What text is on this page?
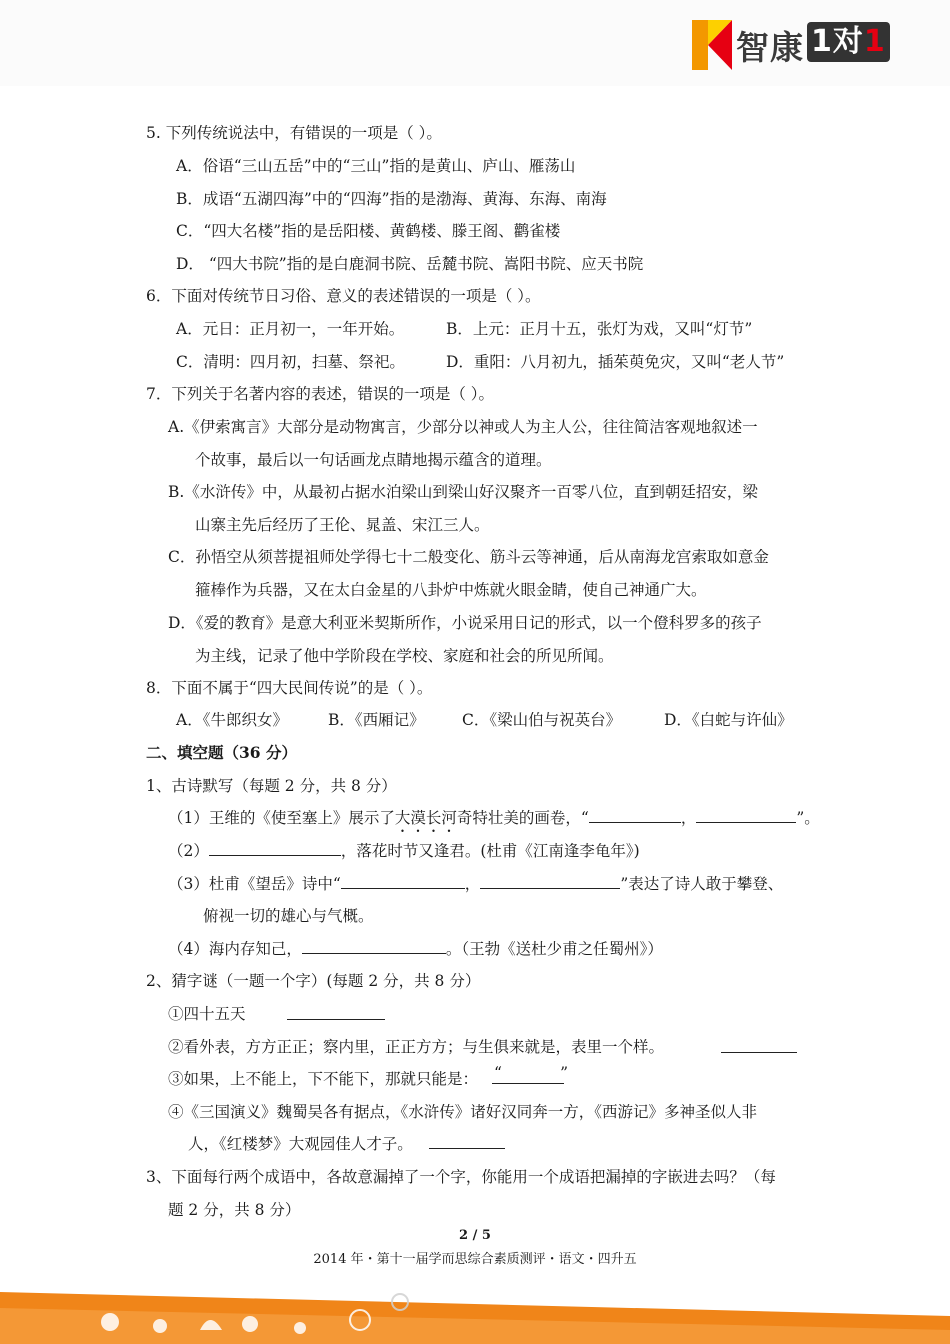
智康 1对1
5. 下列传统说法中，有错误的一项是（ ）。
A．俗语“三山五岳”中的“三山”指的是黄山、庐山、雁荡山
B．成语“五湖四海”中的“四海”指的是渤海、黄海、东海、南海
C．“四大名楼”指的是岳阳楼、黄鹤楼、滕王阁、鹳雀楼
D． “四大书院”指的是白鹿洞书院、岳麓书院、嵩阳书院、应天书院
6．下面对传统节日习俗、意义的表述错误的一项是（ ）。
A．元日：正月初一，一年开始。	B．上元：正月十五，张灯为戏，又叫“灯节”
C．清明：四月初，扫墓、祭祀。	D．重阳：八月初九，插茱萸免灾，又叫“老人节”
7．下列关于名著内容的表述，错误的一项是（ ）。
A.《伊索寓言》大部分是动物寓言，少部分以神或人为主人公，往往简洁客观地叙述一
个故事，最后以一句话画龙点睛地揭示蕴含的道理。
B.《水浒传》中，从最初占据水泊梁山到梁山好汉聚齐一百零八位，直到朝廷招安，梁
山寨主先后经历了王伦、晁盖、宋江三人。
C．孙悟空从须菩提祖师处学得七十二般变化、筋斗云等神通，后从南海龙宫索取如意金
箍棒作为兵器，又在太白金星的八卦炉中炼就火眼金睛，使自己神通广大。
D．《爱的教育》是意大利亚米契斯所作，小说采用日记的形式，以一个僜科罗多的孩子
为主线，记录了他中学阶段在学校、家庭和社会的所见所闻。
8．下面不属于“四大民间传说”的是（ ）。
A．《牛郎织女》	B．《西厢记》 C．《梁山伯与祝英台》	D．《白蛇与许仙》
二、填空题（36 分）
1、古诗默写（每题 2 分，共 8 分）
（1）王维的《使至塞上》展示了大漠长河奇特壮美的画卷，“	，	”。
（2）	，落花时节又逢君。(杜甫《江南逢李龟年》)
（3）杜甫《望岳》诗中“	，	”表达了诗人敢于攀登、
俯视一切的雄心与气概。
（4）海内存知己，	。（王勃《送杜少甫之任蜀州》）
2、猜字谜（一题一个字）(每题 2 分，共 8 分）
①四十五天
②看外表，方方正正；察内里，正正方方；与生俱来就是，表里一个样。
③如果，上不能上，下不能下，那就只能是： “	”
④《三国演义》魏蜀吴各有据点，《水浒传》诸好汉同奔一方，《西游记》多神圣似人非
人，《红楼梦》大观园佳人才子。
3、下面每行两个成语中，各故意漏掉了一个字，你能用一个成语把漏掉的字嵌进去吗？（每
题 2 分，共 8 分）
2 / 5
2014 年・第十一届学而思综合素质测评・语文・四升五
